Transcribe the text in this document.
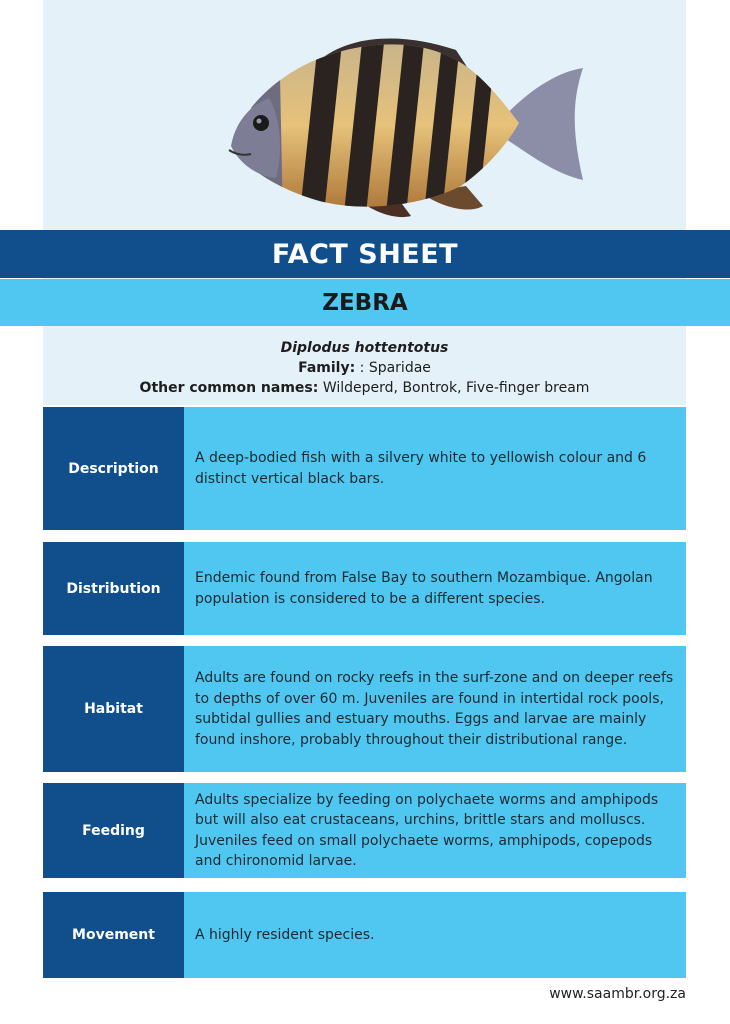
FACT SHEET
ZEBRA
Diplodus hottentotus
Family: : Sparidae
Other common names: Wildeperd, Bontrok, Five-finger bream
Description
A deep-bodied fish with a silvery white to yellowish colour and 6 distinct vertical black bars.
Distribution
Endemic found from False Bay to southern Mozambique. Angolan population is considered to be a different species.
Habitat
Adults are found on rocky reefs in the surf-zone and on deeper reefs to depths of over 60 m. Juveniles are found in intertidal rock pools, subtidal gullies and estuary mouths. Eggs and larvae are mainly found inshore, probably throughout their distributional range.
Feeding
Adults specialize by feeding on polychaete worms and amphipods but will also eat crustaceans, urchins, brittle stars and molluscs. Juveniles feed on small polychaete worms, amphipods, copepods and chironomid larvae.
Movement	A highly resident species.
www.saambr.org.za
